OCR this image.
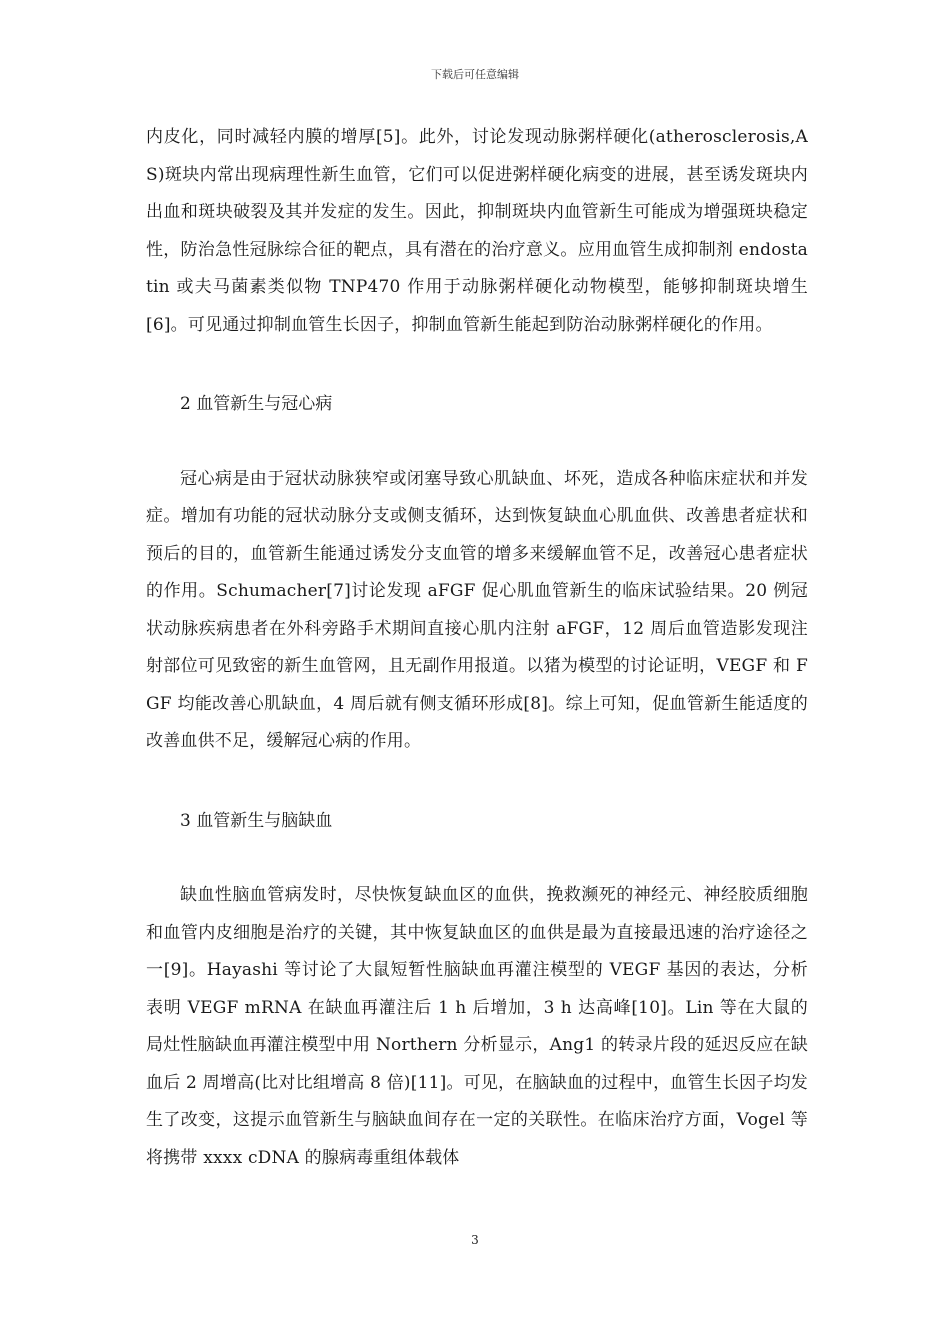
下载后可任意编辑

内皮化，同时减轻内膜的增厚[5]。此外，讨论发现动脉粥样硬化(atherosclerosis,AS)斑块内常出现病理性新生血管，它们可以促进粥样硬化病变的进展，甚至诱发斑块内出血和斑块破裂及其并发症的发生。因此，抑制斑块内血管新生可能成为增强斑块稳定性，防治急性冠脉综合征的靶点，具有潜在的治疗意义。应用血管生成抑制剂 endostatin 或夫马菌素类似物 TNP470 作用于动脉粥样硬化动物模型，能够抑制斑块增生[6]。可见通过抑制血管生长因子，抑制血管新生能起到防治动脉粥样硬化的作用。

2 血管新生与冠心病

冠心病是由于冠状动脉狭窄或闭塞导致心肌缺血、坏死，造成各种临床症状和并发症。增加有功能的冠状动脉分支或侧支循环，达到恢复缺血心肌血供、改善患者症状和预后的目的，血管新生能通过诱发分支血管的增多来缓解血管不足，改善冠心患者症状的作用。Schumacher[7]讨论发现 aFGF 促心肌血管新生的临床试验结果。20 例冠状动脉疾病患者在外科旁路手术期间直接心肌内注射 aFGF，12 周后血管造影发现注射部位可见致密的新生血管网，且无副作用报道。以猪为模型的讨论证明，VEGF 和 FGF 均能改善心肌缺血，4 周后就有侧支循环形成[8]。综上可知，促血管新生能适度的改善血供不足，缓解冠心病的作用。

3 血管新生与脑缺血

缺血性脑血管病发时，尽快恢复缺血区的血供，挽救濒死的神经元、神经胶质细胞和血管内皮细胞是治疗的关键，其中恢复缺血区的血供是最为直接最迅速的治疗途径之一[9]。Hayashi 等讨论了大鼠短暂性脑缺血再灌注模型的 VEGF 基因的表达，分析表明 VEGF mRNA 在缺血再灌注后 1 h 后增加，3 h 达高峰[10]。Lin 等在大鼠的局灶性脑缺血再灌注模型中用 Northern 分析显示，Ang1 的转录片段的延迟反应在缺血后 2 周增高(比对比组增高 8 倍)[11]。可见，在脑缺血的过程中，血管生长因子均发生了改变，这提示血管新生与脑缺血间存在一定的关联性。在临床治疗方面，Vogel 等将携带 xxxx cDNA 的腺病毒重组体载体

3
